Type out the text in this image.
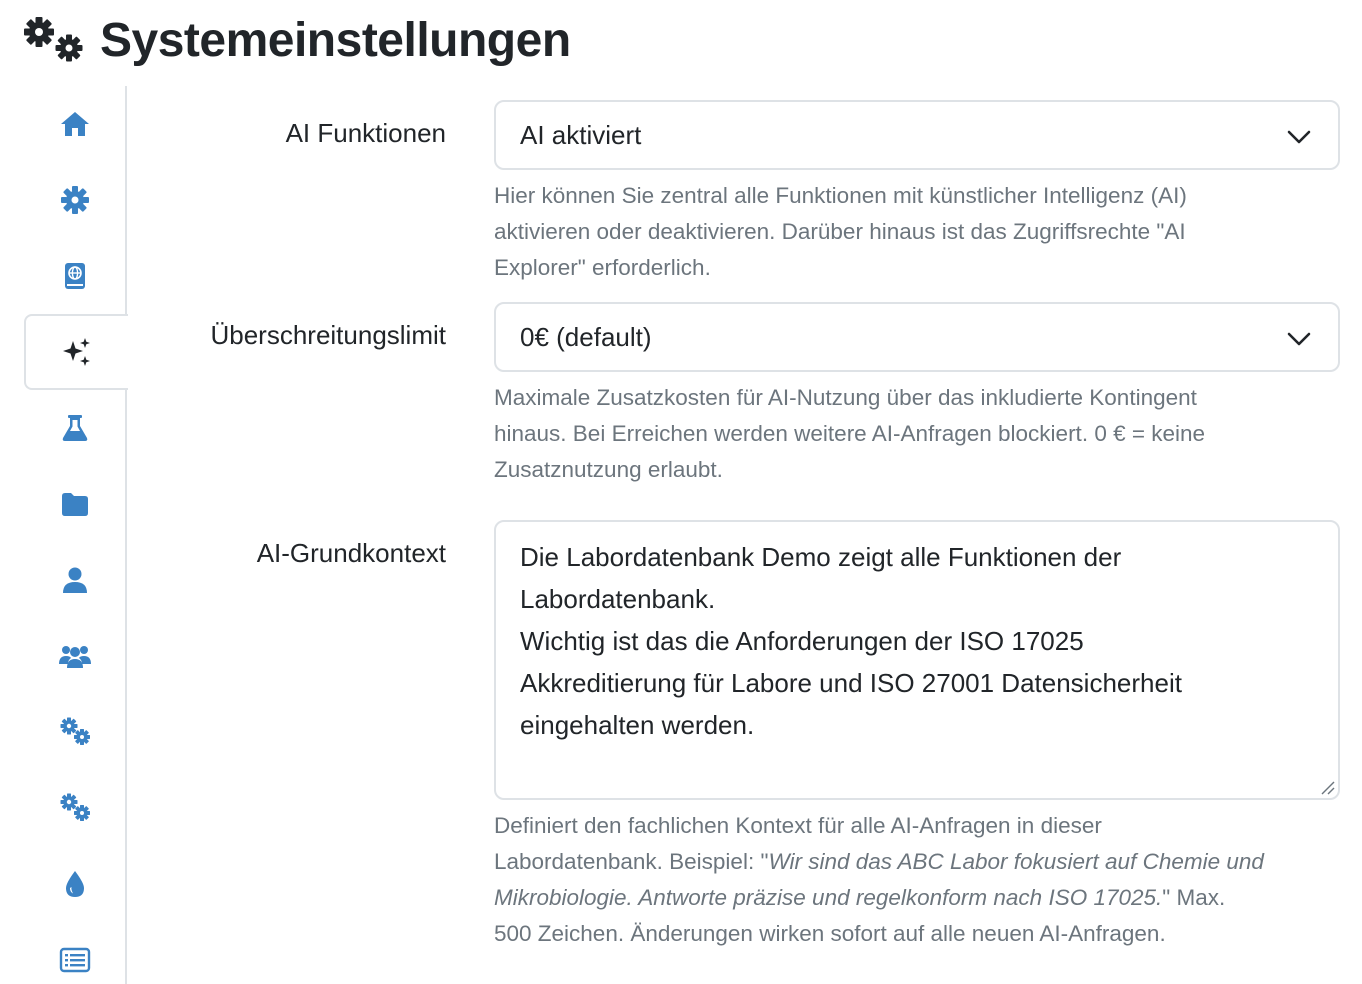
Systemeinstellungen
AI Funktionen	AI aktiviert
Hier können Sie zentral alle Funktionen mit künstlicher Intelligenz (AI)
aktivieren oder deaktivieren. Darüber hinaus ist das Zugriffsrechte "AI
Explorer" erforderlich.
Überschreitungslimit	0€ (default)
Maximale Zusatzkosten für AI-Nutzung über das inkludierte Kontingent
hinaus. Bei Erreichen werden weitere AI-Anfragen blockiert. 0 € = keine
Zusatznutzung erlaubt.
AI-Grundkontext	Die Labordatenbank Demo zeigt alle Funktionen der

Labordatenbank.

Wichtig ist das die Anforderungen der ISO 17025

Akkreditierung für Labore und ISO 27001 Datensicherheit

eingehalten werden.

Definiert den fachlichen Kontext für alle AI-Anfragen in dieser
Labordatenbank. Beispiel: "Wir sind das ABC Labor fokusiert auf Chemie und
Mikrobiologie. Antworte präzise und regelkonform nach ISO 17025." Max.
500 Zeichen. Änderungen wirken sofort auf alle neuen AI-Anfragen.
